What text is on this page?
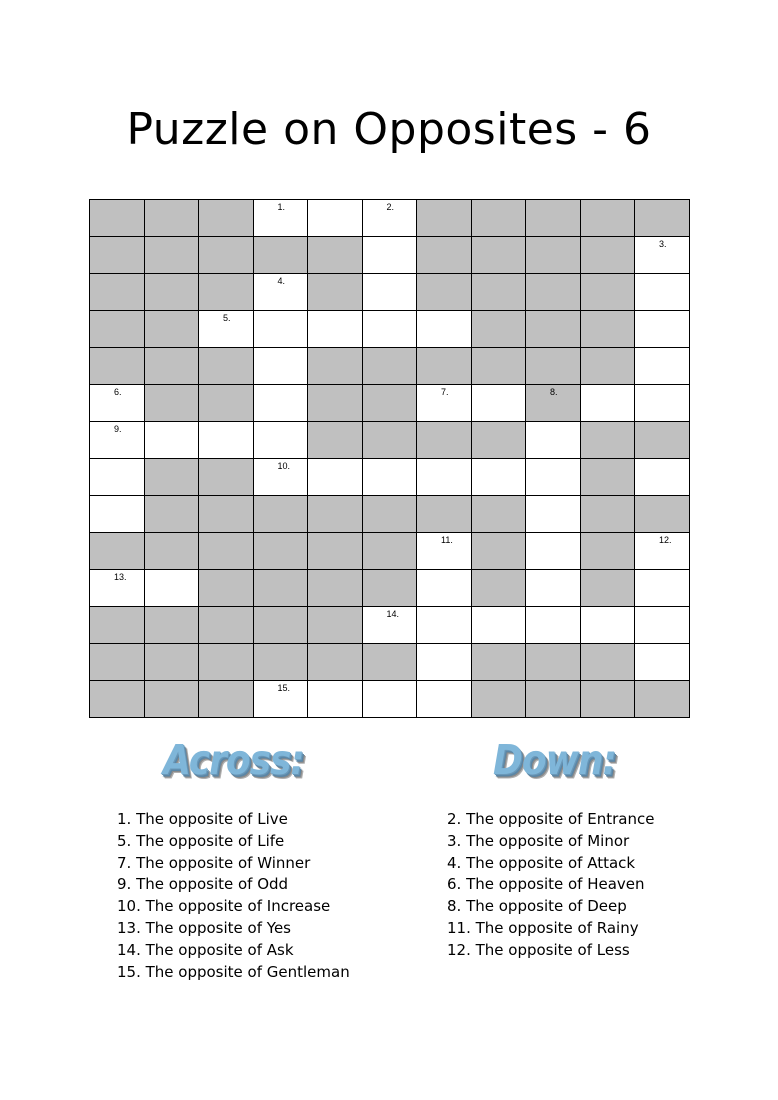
Puzzle on Opposites - 6
1.	2.
3.
4.
5.
6.	7.	8.
9.
10.
11.	12.
13.
14.
15.
Across:	Down:
1. The opposite of Live
5. The opposite of Life
7. The opposite of Winner
9. The opposite of Odd
10. The opposite of Increase
13. The opposite of Yes
14. The opposite of Ask
15. The opposite of Gentleman
2. The opposite of Entrance
3. The opposite of Minor
4. The opposite of Attack
6. The opposite of Heaven
8. The opposite of Deep
11. The opposite of Rainy
12. The opposite of Less
